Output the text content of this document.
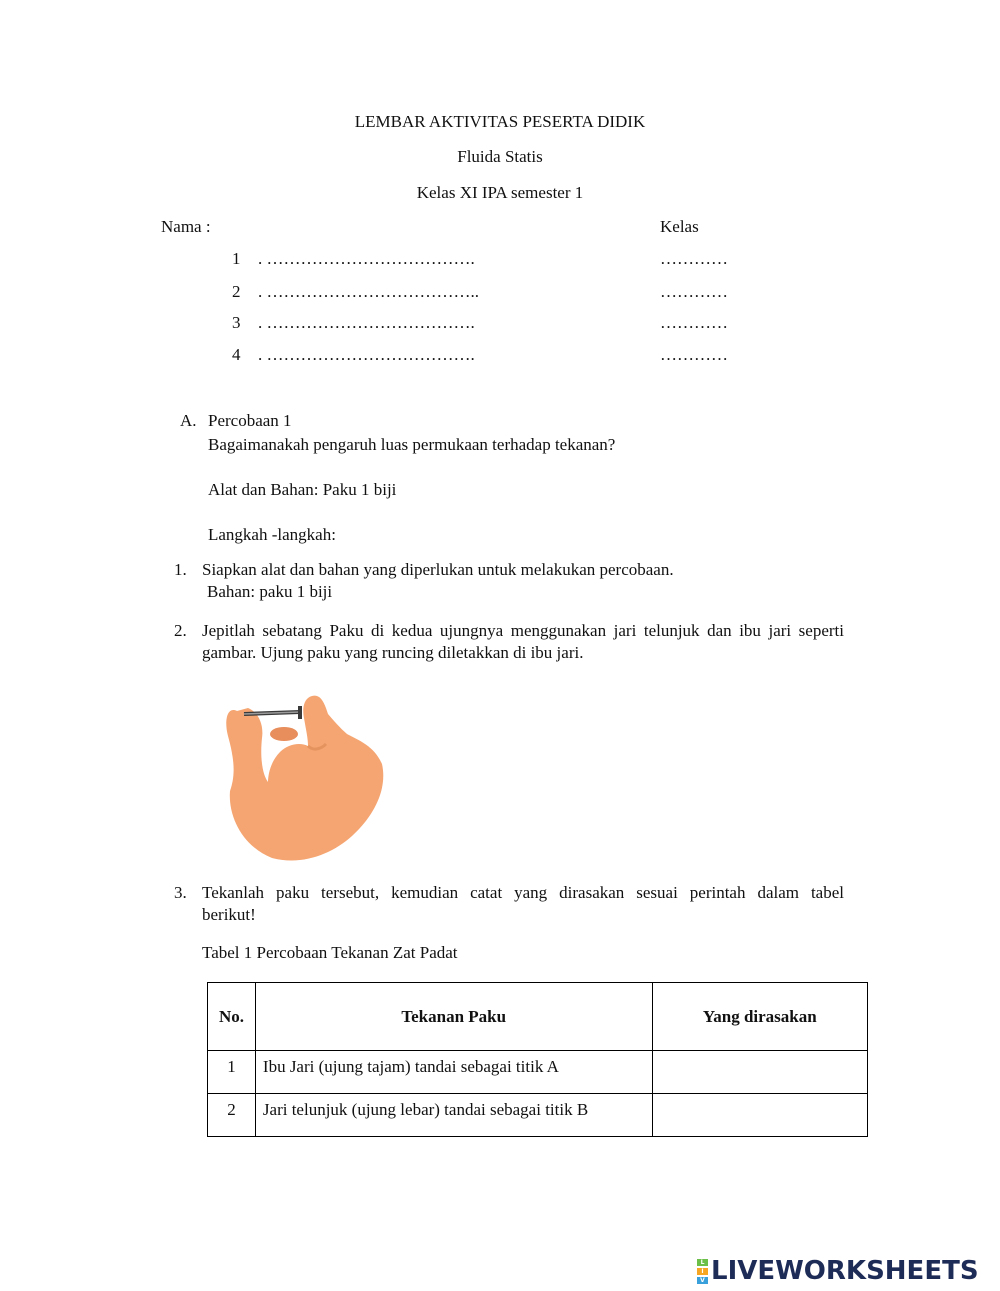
LEMBAR AKTIVITAS PESERTA DIDIK
Fluida Statis
Kelas XI IPA semester 1
Nama :	Kelas
1 . ……………………………….	…………
2 . ………………………………..	…………
3 . ……………………………….	…………
4 . ……………………………….	…………
A. Percobaan 1
Bagaimanakah pengaruh luas permukaan terhadap tekanan?
Alat dan Bahan: Paku 1 biji
Langkah -langkah:
1. Siapkan alat dan bahan yang diperlukan untuk melakukan percobaan.
Bahan: paku 1 biji
2. Jepitlah sebatang Paku di kedua ujungnya menggunakan jari telunjuk dan ibu jari seperti
gambar. Ujung paku yang runcing diletakkan di ibu jari.
3. Tekanlah paku tersebut, kemudian catat yang dirasakan sesuai perintah dalam tabel
berikut!
Tabel 1 Percobaan Tekanan Zat Padat
No.	Tekanan Paku	Yang dirasakan
1	Ibu Jari (ujung tajam) tandai sebagai titik A	
2	Jari telunjuk (ujung lebar) tandai sebagai titik B	
L
I
V LIVEWORKSHEETS
